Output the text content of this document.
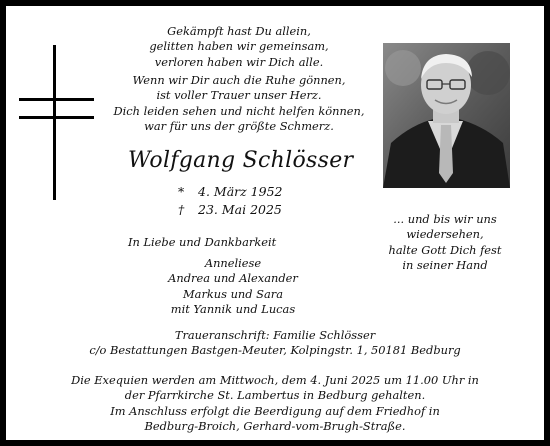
Gekämpft hast Du allein,
gelitten haben wir gemeinsam,
verloren haben wir Dich alle.
Wenn wir Dir auch die Ruhe gönnen,
ist voller Trauer unser Herz.
Dich leiden sehen und nicht helfen können,
war für uns der größte Schmerz.
Wolfgang Schlösser
* 4. März 1952
† 23. Mai 2025
... und bis wir uns
wiedersehen,
halte Gott Dich fest
in seiner Hand
In Liebe und Dankbarkeit
Anneliese
Andrea und Alexander
Markus und Sara
mit Yannik und Lucas
Traueranschrift: Familie Schlösser
c/o Bestattungen Bastgen-Meuter, Kolpingstr. 1, 50181 Bedburg
Die Exequien werden am Mittwoch, dem 4. Juni 2025 um 11.00 Uhr in
der Pfarrkirche St. Lambertus in Bedburg gehalten.
Im Anschluss erfolgt die Beerdigung auf dem Friedhof in
Bedburg-Broich, Gerhard-vom-Brugh-Straße.
